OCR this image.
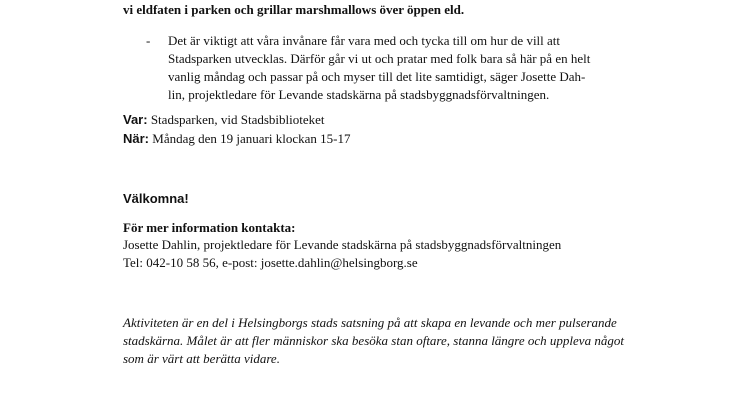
vi eldfaten i parken och grillar marshmallows över öppen eld.
- Det är viktigt att våra invånare får vara med och tycka till om hur de vill att
Stadsparken utvecklas. Därför går vi ut och pratar med folk bara så här på en helt
vanlig måndag och passar på och myser till det lite samtidigt, säger Josette Dah-
lin, projektledare för Levande stadskärna på stadsbyggnadsförvaltningen.
Var: Stadsparken, vid Stadsbiblioteket
När: Måndag den 19 januari klockan 15-17
Välkomna!
För mer information kontakta:
Josette Dahlin, projektledare för Levande stadskärna på stadsbyggnadsförvaltningen
Tel: 042-10 58 56, e-post: josette.dahlin@helsingborg.se
Aktiviteten är en del i Helsingborgs stads satsning på att skapa en levande och mer pulserande
stadskärna. Målet är att fler människor ska besöka stan oftare, stanna längre och uppleva något
som är värt att berätta vidare.
